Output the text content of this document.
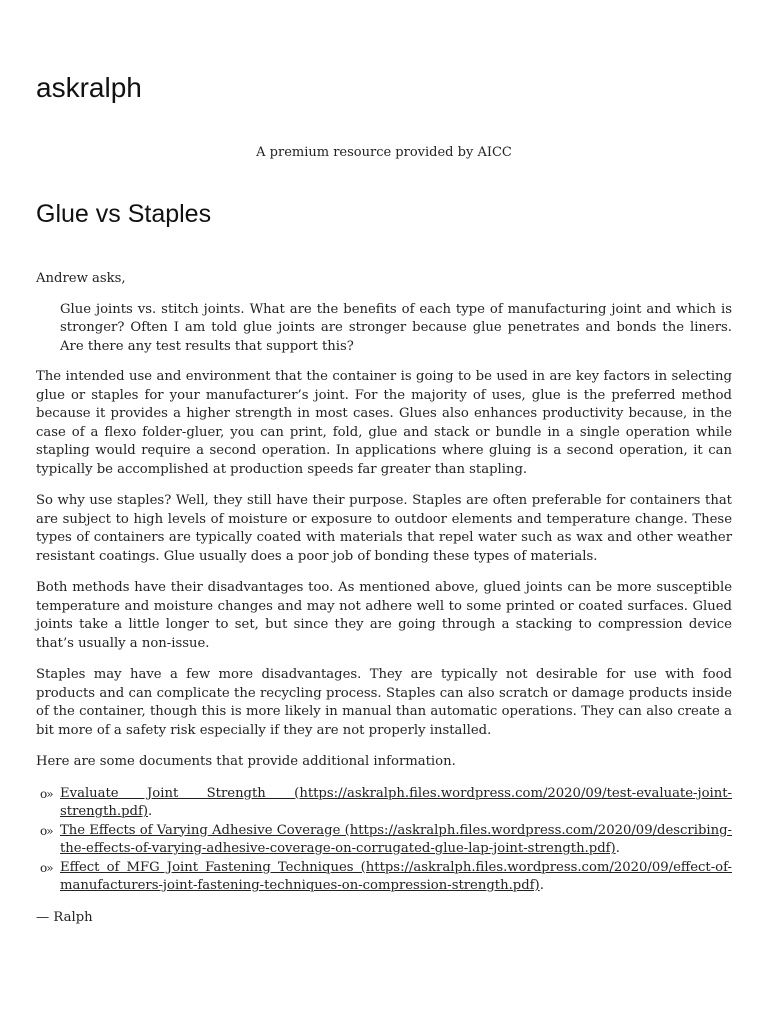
askralph
A premium resource provided by AICC
Glue vs Staples

Andrew asks,

Glue joints vs. stitch joints. What are the benefits of each type of manufacturing joint and which is stronger? Often I am told glue joints are stronger because glue penetrates and bonds the liners. Are there any test results that support this?

The intended use and environment that the container is going to be used in are key factors in selecting glue or staples for your manufacturer’s joint. For the majority of uses, glue is the preferred method because it provides a higher strength in most cases. Glues also enhances productivity because, in the case of a flexo folder-gluer, you can print, fold, glue and stack or bundle in a single operation while stapling would require a second operation. In applications where gluing is a second operation, it can typically be accomplished at production speeds far greater than stapling.

So why use staples? Well, they still have their purpose. Staples are often preferable for containers that are subject to high levels of moisture or exposure to outdoor elements and temperature change. These types of containers are typically coated with materials that repel water such as wax and other weather resistant coatings. Glue usually does a poor job of bonding these types of materials.

Both methods have their disadvantages too. As mentioned above, glued joints can be more susceptible temperature and moisture changes and may not adhere well to some printed or coated surfaces. Glued joints take a little longer to set, but since they are going through a stacking to compression device that’s usually a non-issue.

Staples may have a few more disadvantages. They are typically not desirable for use with food products and can complicate the recycling process. Staples can also scratch or damage products inside of the container, though this is more likely in manual than automatic operations. They can also create a bit more of a safety risk especially if they are not properly installed.

Here are some documents that provide additional information.

o» Evaluate Joint Strength (https://askralph.files.wordpress.com/2020/09/test-evaluate-joint-strength.pdf).
o» The Effects of Varying Adhesive Coverage (https://askralph.files.wordpress.com/2020/09/describing-the-effects-of-varying-adhesive-coverage-on-corrugated-glue-lap-joint-strength.pdf).
o» Effect of MFG Joint Fastening Techniques (https://askralph.files.wordpress.com/2020/09/effect-of-manufacturers-joint-fastening-techniques-on-compression-strength.pdf).

— Ralph
